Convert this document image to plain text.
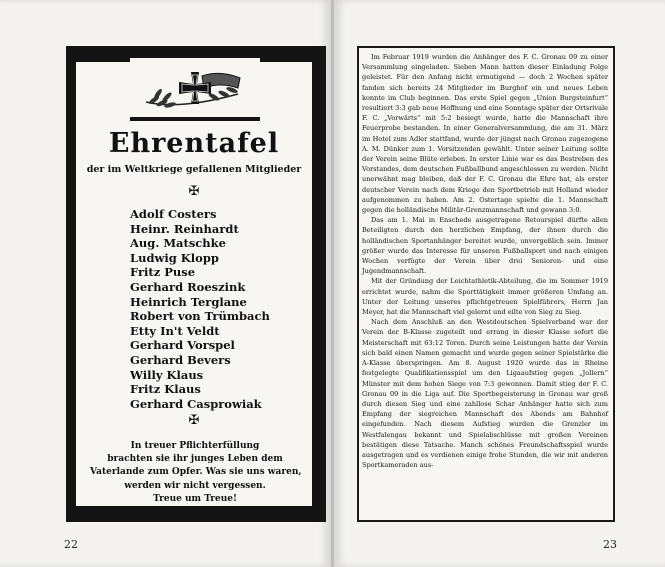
Ehrentafel
der im Weltkriege gefallenen Mitglieder
✠
Adolf Costers
Heinr. Reinhardt
Aug. Matschke
Ludwig Klopp
Fritz Puse
Gerhard Roeszink
Heinrich Terglane
Robert von Trümbach
Etty In't Veldt
Gerhard Vorspel
Gerhard Bevers
Willy Klaus
Fritz Klaus
Gerhard Casprowiak
✠
In treuer Pflichterfüllung
brachten sie ihr junges Leben dem
Vaterlande zum Opfer. Was sie uns waren,
werden wir nicht vergessen.
Treue um Treue!
22

Im Februar 1919 wurden die Anhänger des F. C. Gronau 09 zu einer Versammlung eingeladen. Sieben Mann hatten dieser Einladung Folge geleistet. Für den Anfang nicht ermutigend — doch 2 Wochen später fanden sich bereits 24 Mitglieder im Burghof ein und neues Leben konnte im Club beginnen. Das erste Spiel gegen „Union Burgsteinfurt“ resultiert 3:3 gab neue Hoffnung und eine Sonntage später der Ortsrivale F. C. „Vorwärts“ mit 5:2 besiegt wurde, hatte die Mannschaft ihre Feuerprobe bestanden. In einer Generalversammlung, die am 31. März im Hotel zum Adler stattfand, wurde der jüngst nach Gronau zugezogene A. M. Dünker zum 1. Vorsitzenden gewählt. Unter seiner Leitung sollte der Verein seine Blüte erleben. In erster Linie war es das Bestreben des Vorstandes, dem deutschen Fußballbund angeschlossen zu werden. Nicht unerwähnt mag bleiben, daß der F. C. Gronau die Ehre hat, als erster deutscher Verein nach dem Kriege den Sportbetrieb mit Holland wieder aufgenommen zu haben. Am 2. Ostertage spielte die 1. Mannschaft gegen die holländische Militär-Grenzmannschaft und gewann 3:0.

Das am 1. Mai in Enschede ausgetragene Retourspiel dürfte allen Beteiligten durch den herzlichen Empfang, der ihnen durch die holländischen Sportanhänger bereitet wurde, unvergeßlich sein. Immer größer wurde das Interesse für unseren Fußballsport und nach einigen Wochen verfügte der Verein über drei Senioren- und eine Jugendmannschaft.

Mit der Gründung der Leichtathletik-Abteilung, die im Sommer 1919 errichtet wurde, nahm die Sporttätigkeit immer größeren Umfang an. Unter der Leitung unseres pflichtgetreuen Spielführers, Herrn Jan Meyer, hat die Mannschaft viel gelernt und eilte von Sieg zu Sieg.

Nach dem Anschluß an den Westdeutschen Spielverband war der Verein der B-Klasse zugeteilt und errang in dieser Klasse sofort die Meisterschaft mit 63:12 Toren. Durch seine Leistungen hatte der Verein sich bald einen Namen gemacht und wurde gegen seiner Spielstärke die A-Klasse überspringen. Am 8. August 1920 wurde das in Rheine festgelegte Qualifikationsspiel um den Ligaaufstieg gegen „Jollern“ Münster mit dem hohen Siege von 7:3 gewonnen. Damit stieg der F. C. Gronau 09 in die Liga auf. Die Sportbegeisterung in Gronau war groß durch diesen Sieg und eine zahllose Schar Anhänger hatte sich zum Empfang der siegreichen Mannschaft des Abends am Bahnhof eingefunden. Nach diesem Aufstieg wurden die Grenzler im Westfalengau bekannt und Spielabschlüsse mit großen Vereinen bestätigen diese Tatsache. Manch schönes Freundschaftsspiel wurde ausgetragen und es verdienen einige frohe Stunden, die wir mit anderen Sportkameraden aus-

23
